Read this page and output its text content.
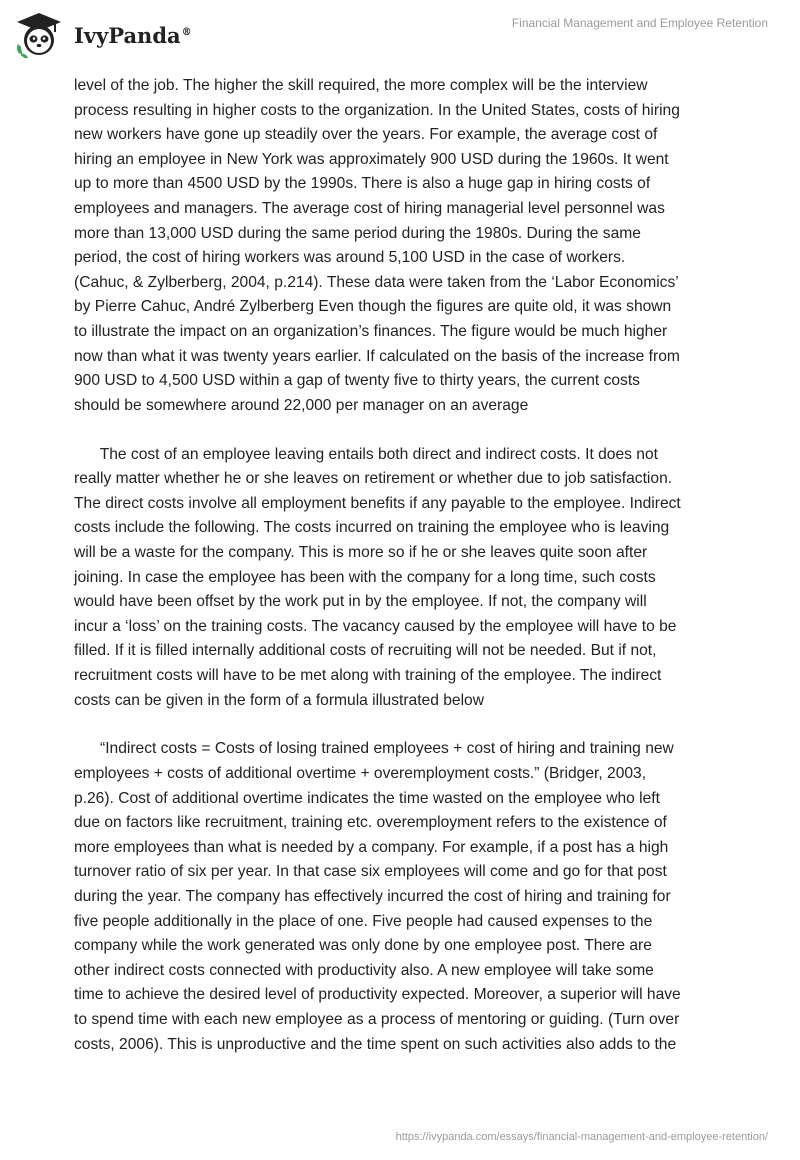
IvyPanda®
Financial Management and Employee Retention

level of the job. The higher the skill required, the more complex will be the interview
process resulting in higher costs to the organization. In the United States, costs of hiring
new workers have gone up steadily over the years. For example, the average cost of
hiring an employee in New York was approximately 900 USD during the 1960s. It went
up to more than 4500 USD by the 1990s. There is also a huge gap in hiring costs of
employees and managers. The average cost of hiring managerial level personnel was
more than 13,000 USD during the same period during the 1980s. During the same
period, the cost of hiring workers was around 5,100 USD in the case of workers.
(Cahuc, & Zylberberg, 2004, p.214). These data were taken from the ‘Labor Economics’
by Pierre Cahuc, André Zylberberg Even though the figures are quite old, it was shown
to illustrate the impact on an organization’s finances. The figure would be much higher
now than what it was twenty years earlier. If calculated on the basis of the increase from
900 USD to 4,500 USD within a gap of twenty five to thirty years, the current costs
should be somewhere around 22,000 per manager on an average

The cost of an employee leaving entails both direct and indirect costs. It does not
really matter whether he or she leaves on retirement or whether due to job satisfaction.
The direct costs involve all employment benefits if any payable to the employee. Indirect
costs include the following. The costs incurred on training the employee who is leaving
will be a waste for the company. This is more so if he or she leaves quite soon after
joining. In case the employee has been with the company for a long time, such costs
would have been offset by the work put in by the employee. If not, the company will
incur a ‘loss’ on the training costs. The vacancy caused by the employee will have to be
filled. If it is filled internally additional costs of recruiting will not be needed. But if not,
recruitment costs will have to be met along with training of the employee. The indirect
costs can be given in the form of a formula illustrated below

“Indirect costs = Costs of losing trained employees + cost of hiring and training new
employees + costs of additional overtime + overemployment costs.” (Bridger, 2003,
p.26). Cost of additional overtime indicates the time wasted on the employee who left
due on factors like recruitment, training etc. overemployment refers to the existence of
more employees than what is needed by a company. For example, if a post has a high
turnover ratio of six per year. In that case six employees will come and go for that post
during the year. The company has effectively incurred the cost of hiring and training for
five people additionally in the place of one. Five people had caused expenses to the
company while the work generated was only done by one employee post. There are
other indirect costs connected with productivity also. A new employee will take some
time to achieve the desired level of productivity expected. Moreover, a superior will have
to spend time with each new employee as a process of mentoring or guiding. (Turn over
costs, 2006). This is unproductive and the time spent on such activities also adds to the

https://ivypanda.com/essays/financial-management-and-employee-retention/
